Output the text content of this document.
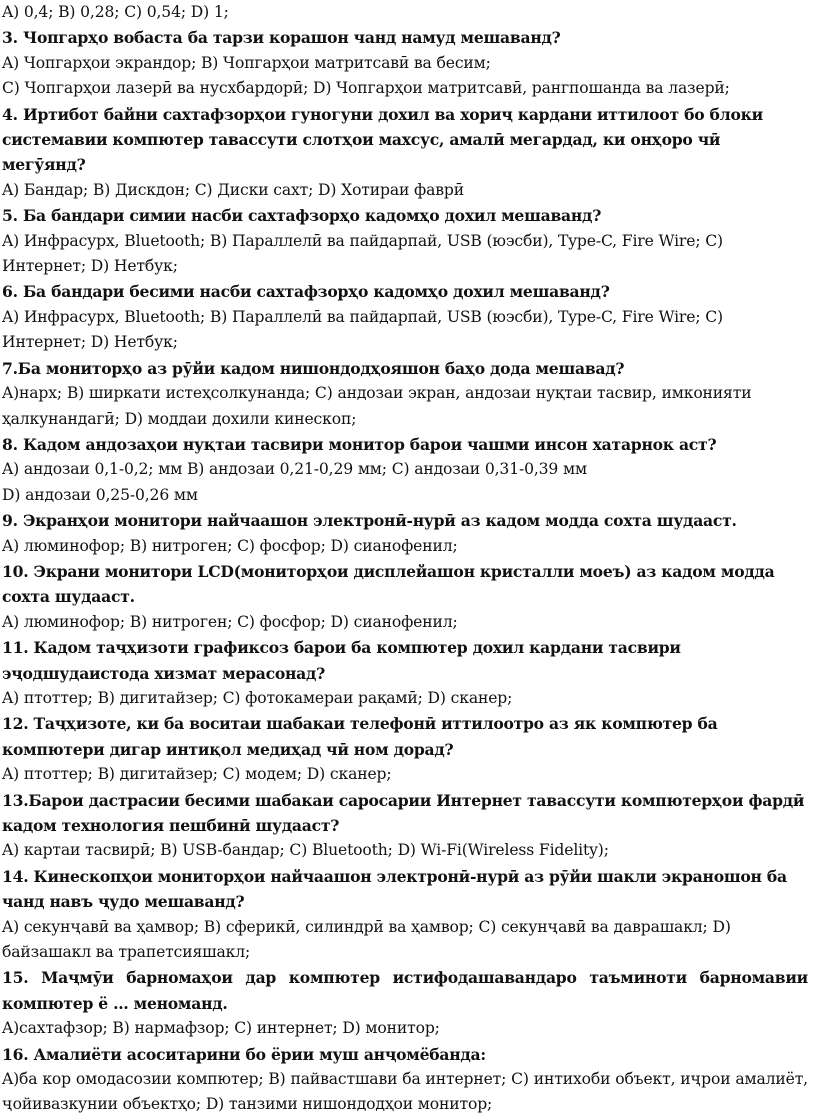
A) 0,4; B) 0,28; C) 0,54; D) 1;

3. Чопгарҳо вобаста ба тарзи корашон чанд намуд мешаванд?

A) Чопгарҳои экрандор; B) Чопгарҳои матритсавӣ ва бесим;

C) Чопгарҳои лазерӣ ва нусхбардорӣ; D) Чопгарҳои матритсавӣ, рангпошанда ва лазерӣ;

4. Иртибот байни сахтафзорҳои гуногуни дохил ва хориҷ кардани иттилоот бо блоки системавии компютер тавассути слотҳои махсус, амалӣ мегардад, ки онҳоро чӣ мегӯянд?

A) Бандар; B) Дискдон; C) Диски сахт; D) Хотираи фаврӣ

5. Ба бандари симии насби сахтафзорҳо кадомҳо дохил мешаванд?

A) Инфрасурх, Bluetooth; B) Параллелӣ ва пайдарпай, USB (юэсби), Type-C, Fire Wire; C) Интернет; D) Нетбук;

6. Ба бандари бесими насби сахтафзорҳо кадомҳо дохил мешаванд?

A) Инфрасурх, Bluetooth; B) Параллелӣ ва пайдарпай, USB (юэсби), Type-C, Fire Wire; C) Интернет; D) Нетбук;

7.Ба мониторҳо аз рӯйи кадом нишондодҳояшон баҳо дода мешавад?

A)нарх; B) ширкати истеҳсолкунанда; C) андозаи экран, андозаи нуқтаи тасвир, имконияти ҳалкунандагӣ; D) моддаи дохили кинескоп;

8. Кадом андозаҳои нуқтаи тасвири монитор барои чашми инсон хатарнок аст?

A) андозаи 0,1-0,2; мм B) андозаи 0,21-0,29 мм; C) андозаи 0,31-0,39 мм

D) андозаи 0,25-0,26 мм

9. Экранҳои монитори найчаашон электронӣ-нурӣ аз кадом модда сохта шудааст.

A) люминофор; B) нитроген; C) фосфор; D) сианофенил;

10. Экрани монитори LCD(мониторҳои дисплейашон кристалли моеъ) аз кадом модда сохта шудааст.

A) люминофор; B) нитроген; C) фосфор; D) сианофенил;

11. Кадом таҷҳизоти графиксоз барои ба компютер дохил кардани тасвири эҷодшудаистода хизмат мерасонад?

A) птоттер; B) дигитайзер; C) фотокамераи рақамӣ; D) сканер;

12. Таҷҳизоте, ки ба воситаи шабакаи телефонӣ иттилоотро аз як компютер ба компютери дигар интиқол медиҳад чӣ ном дорад?

A) птоттер; B) дигитайзер; C) модем; D) сканер;

13.Барои дастрасии бесими шабакаи саросарии Интернет тавассути компютерҳои фардӣ кадом технология пешбинӣ шудааст?

A) картаи тасвирӣ; B) USB-бандар; C) Bluetooth; D) Wi-Fi(Wireless Fidelity);

14. Кинескопҳои мониторҳои найчаашон электронӣ-нурӣ аз рӯйи шакли экраношон ба чанд навъ ҷудо мешаванд?

A) секунҷавӣ ва ҳамвор; B) сферикӣ, силиндрӣ ва ҳамвор; C) секунҷавӣ ва даврашакл; D) байзашакл ва трапетсияшакл;

15. Маҷмӯи барномаҳои дар компютер истифодашавандаро таъминоти барномавии компютер ё … меноманд.

A)сахтафзор; B) нармафзор; C) интернет; D) монитор;

16. Амалиёти асоситарини бо ёрии муш анҷомёбанда:

A)ба кор омодасозии компютер; B) пайвастшави ба интернет; C) интихоби объект, иҷрои амалиёт, ҷойивазкунии объектҳо; D) танзими нишондодҳои монитор;
